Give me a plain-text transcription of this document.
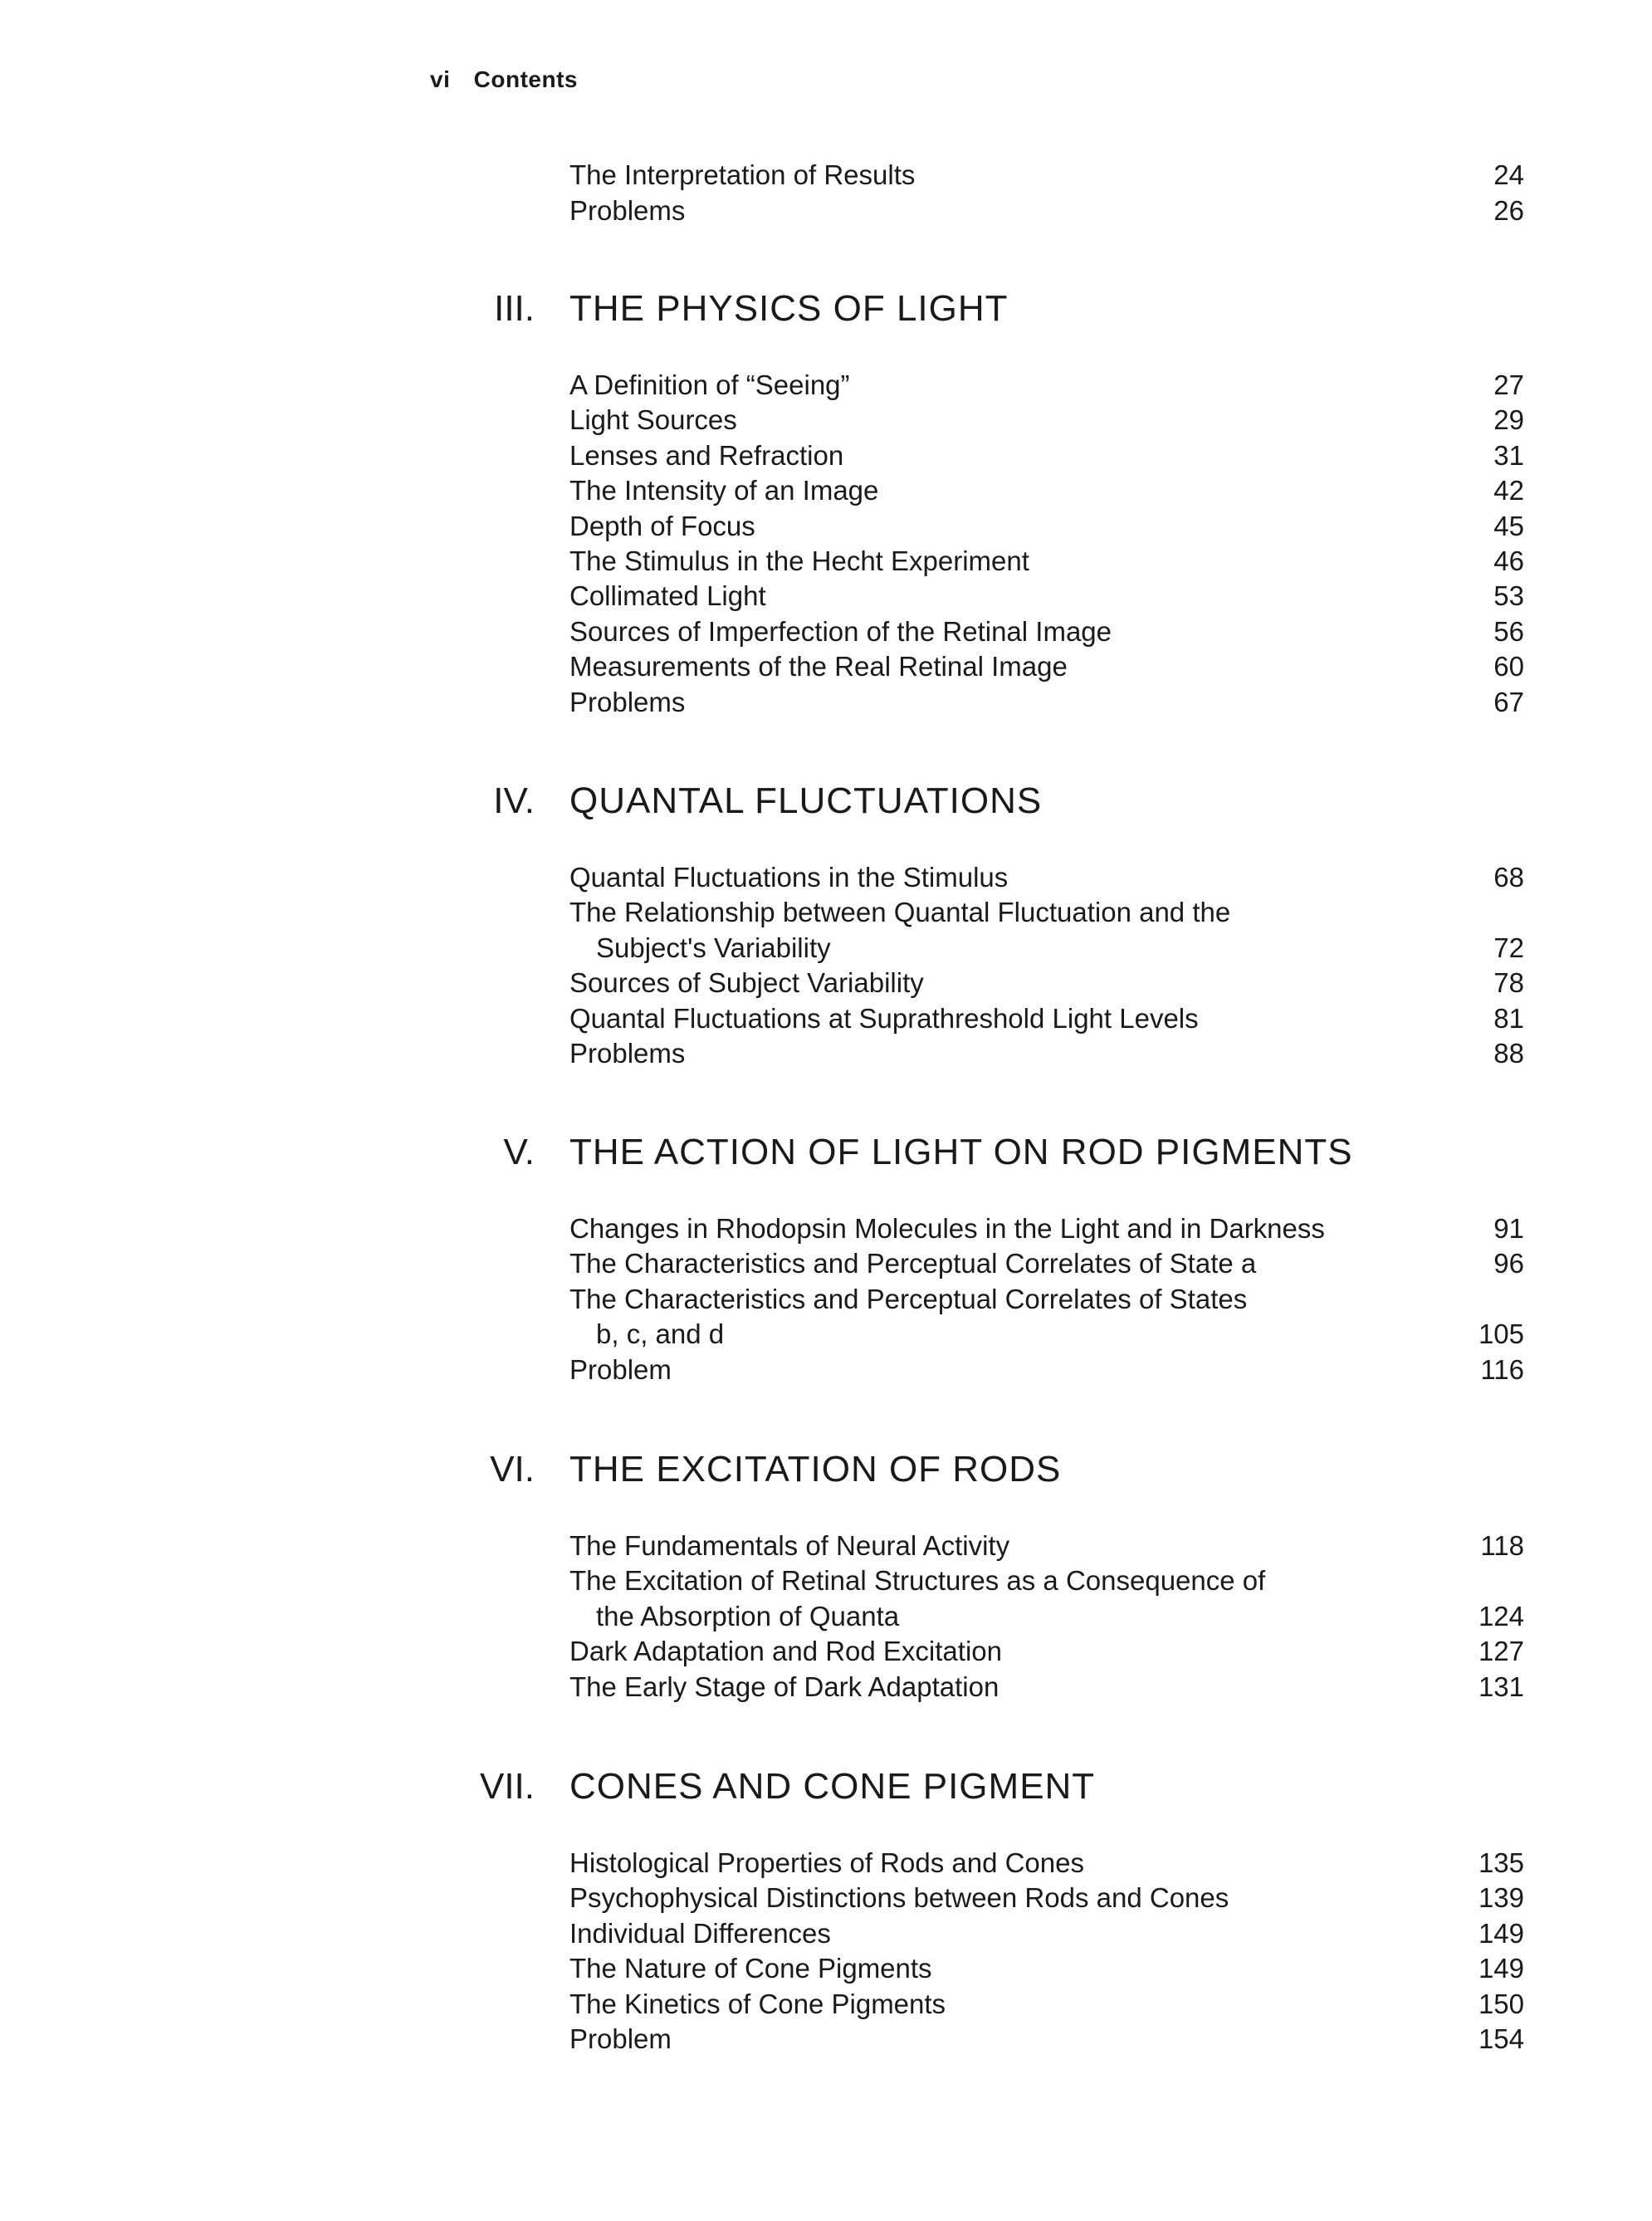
vi Contents
The Interpretation of Results	24
Problems	26
III. THE PHYSICS OF LIGHT
A Definition of “Seeing”	27
Light Sources	29
Lenses and Refraction	31
The Intensity of an Image	42
Depth of Focus	45
The Stimulus in the Hecht Experiment	46
Collimated Light	53
Sources of Imperfection of the Retinal Image	56
Measurements of the Real Retinal Image	60
Problems	67
IV. QUANTAL FLUCTUATIONS
Quantal Fluctuations in the Stimulus	68
The Relationship between Quantal Fluctuation and the
Subject's Variability	72
Sources of Subject Variability	78
Quantal Fluctuations at Suprathreshold Light Levels	81
Problems	88
V. THE ACTION OF LIGHT ON ROD PIGMENTS
Changes in Rhodopsin Molecules in the Light and in Darkness	91
The Characteristics and Perceptual Correlates of State a	96
The Characteristics and Perceptual Correlates of States
b, c, and d	105
Problem	116
VI. THE EXCITATION OF RODS
The Fundamentals of Neural Activity	118
The Excitation of Retinal Structures as a Consequence of
the Absorption of Quanta	124
Dark Adaptation and Rod Excitation	127
The Early Stage of Dark Adaptation	131
VII. CONES AND CONE PIGMENT
Histological Properties of Rods and Cones	135
Psychophysical Distinctions between Rods and Cones	139
Individual Differences	149
The Nature of Cone Pigments	149
The Kinetics of Cone Pigments	150
Problem	154
